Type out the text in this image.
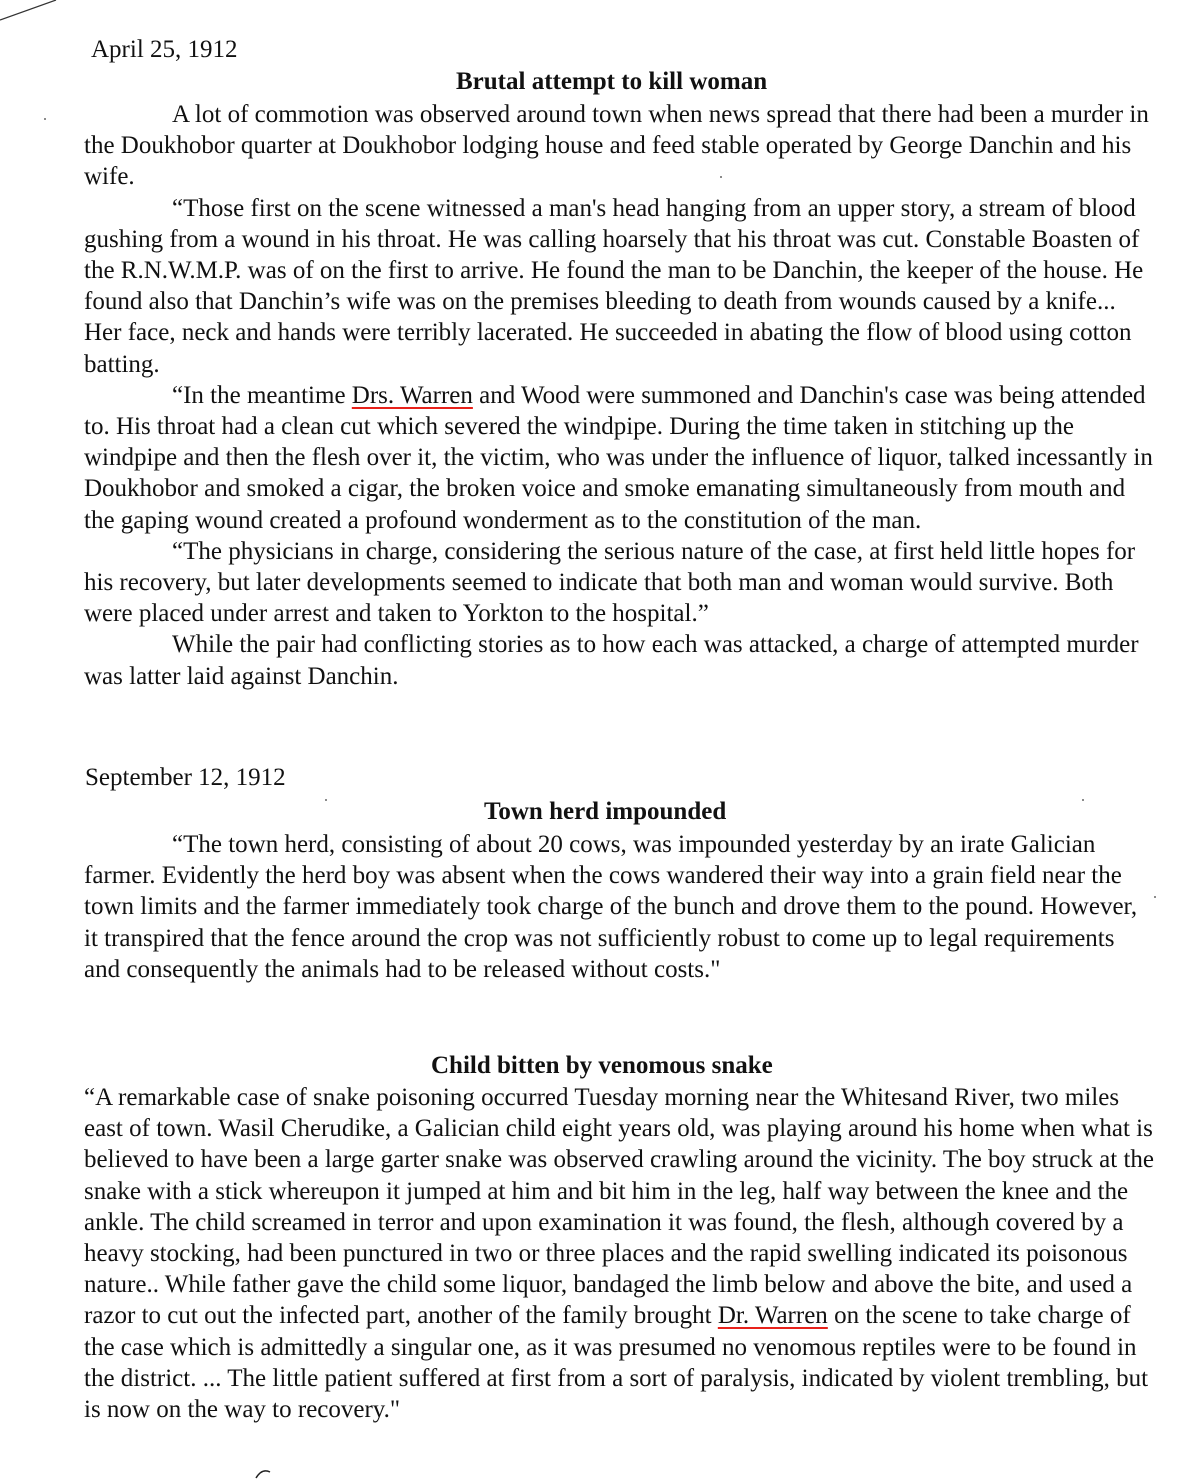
April 25, 1912
Brutal attempt to kill woman

A lot of commotion was observed around town when news spread that there had been a murder in the Doukhobor quarter at Doukhobor lodging house and feed stable operated by George Danchin and his wife.

“Those first on the scene witnessed a man's head hanging from an upper story, a stream of blood gushing from a wound in his throat. He was calling hoarsely that his throat was cut. Constable Boasten of the R.N.W.M.P. was of on the first to arrive. He found the man to be Danchin, the keeper of the house. He found also that Danchin’s wife was on the premises bleeding to death from wounds caused by a knife... Her face, neck and hands were terribly lacerated. He succeeded in abating the flow of blood using cotton batting.

“In the meantime Drs. Warren and Wood were summoned and Danchin's case was being attended to. His throat had a clean cut which severed the windpipe. During the time taken in stitching up the windpipe and then the flesh over it, the victim, who was under the influence of liquor, talked incessantly in Doukhobor and smoked a cigar, the broken voice and smoke emanating simultaneously from mouth and the gaping wound created a profound wonderment as to the constitution of the man.

“The physicians in charge, considering the serious nature of the case, at first held little hopes for his recovery, but later developments seemed to indicate that both man and woman would survive. Both were placed under arrest and taken to Yorkton to the hospital.”

While the pair had conflicting stories as to how each was attacked, a charge of attempted murder was latter laid against Danchin.

September 12, 1912
Town herd impounded

“The town herd, consisting of about 20 cows, was impounded yesterday by an irate Galician farmer. Evidently the herd boy was absent when the cows wandered their way into a grain field near the town limits and the farmer immediately took charge of the bunch and drove them to the pound. However, it transpired that the fence around the crop was not sufficiently robust to come up to legal requirements and consequently the animals had to be released without costs."

Child bitten by venomous snake

“A remarkable case of snake poisoning occurred Tuesday morning near the Whitesand River, two miles east of town. Wasil Cherudike, a Galician child eight years old, was playing around his home when what is believed to have been a large garter snake was observed crawling around the vicinity. The boy struck at the snake with a stick whereupon it jumped at him and bit him in the leg, half way between the knee and the ankle. The child screamed in terror and upon examination it was found, the flesh, although covered by a heavy stocking, had been punctured in two or three places and the rapid swelling indicated its poisonous nature.. While father gave the child some liquor, bandaged the limb below and above the bite, and used a razor to cut out the infected part, another of the family brought Dr. Warren on the scene to take charge of the case which is admittedly a singular one, as it was presumed no venomous reptiles were to be found in the district. ... The little patient suffered at first from a sort of paralysis, indicated by violent trembling, but is now on the way to recovery."
